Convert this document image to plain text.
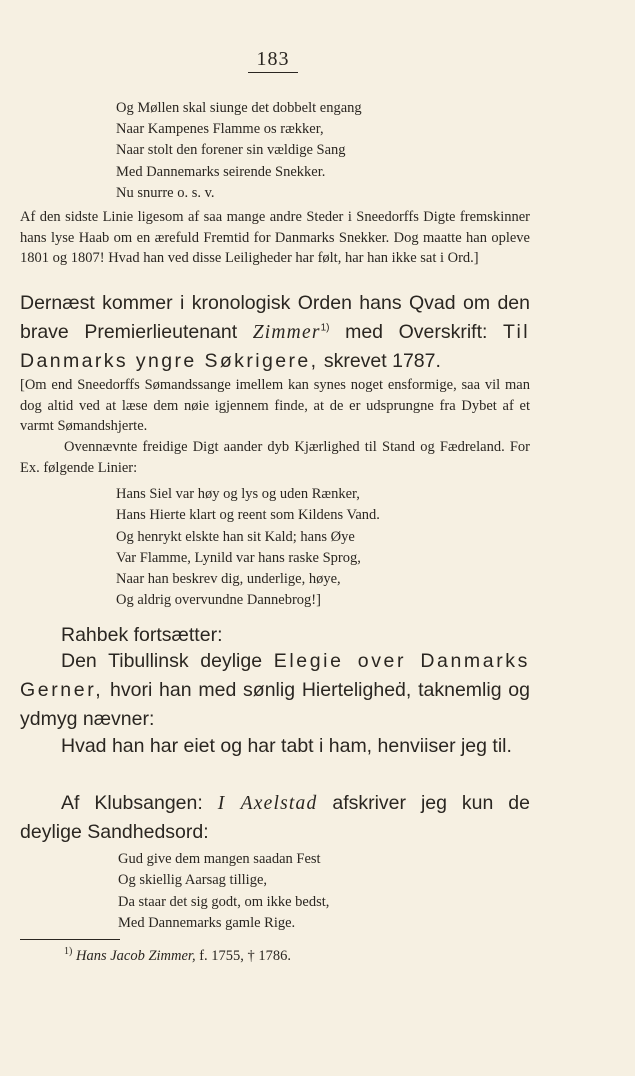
183
Og Møllen skal siunge det dobbelt engang
Naar Kampenes Flamme os rækker,
Naar stolt den forener sin vældige Sang
Med Dannemarks seirende Snekker.
Nu snurre o. s. v.

Af den sidste Linie ligesom af saa mange andre Steder i Sneedorffs Digte fremskinner hans lyse Haab om en ærefuld Fremtid for Danmarks Snekker. Dog maatte han opleve 1801 og 1807! Hvad han ved disse Leiligheder har følt, har han ikke sat i Ord.]

Dernæst kommer i kronologisk Orden hans Qvad om den brave Premierlieutenant Zimmer$^{1)}$ med Overskrift: Til Danmarks yngre Søkrigere, skrevet 1787.

[Om end Sneedorffs Sømandssange imellem kan synes noget ensformige, saa vil man dog altid ved at læse dem nøie igjennem finde, at de er udsprungne fra Dybet af et varmt Sømandshjerte.

Ovennævnte freidige Digt aander dyb Kjærlighed til Stand og Fædreland. For Ex. følgende Linier:

Hans Siel var høy og lys og uden Rænker,
Hans Hierte klart og reent som Kildens Vand.
Og henrykt elskte han sit Kald; hans Øye
Var Flamme, Lynild var hans raske Sprog,
Naar han beskrev dig, underlige, høye,
Og aldrig overvundne Dannebrog!]

Rahbek fortsætter:

Den Tibullinsk deylige Elegie over Danmarks Gerner, hvori han med sønlig Hierteligheḋ, taknemlig og ydmyg nævner:

Hvad han har eiet og har tabt i ham, henviiser jeg til.

Af Klubsangen: I Axelstad afskriver jeg kun de deylige Sandhedsord:

Gud give dem mangen saadan Fest
Og skiellig Aarsag tillige,
Da staar det sig godt, om ikke bedst,
Med Dannemarks gamle Rige.

$^{1)}$ Hans Jacob Zimmer, f. 1755, † 1786.
